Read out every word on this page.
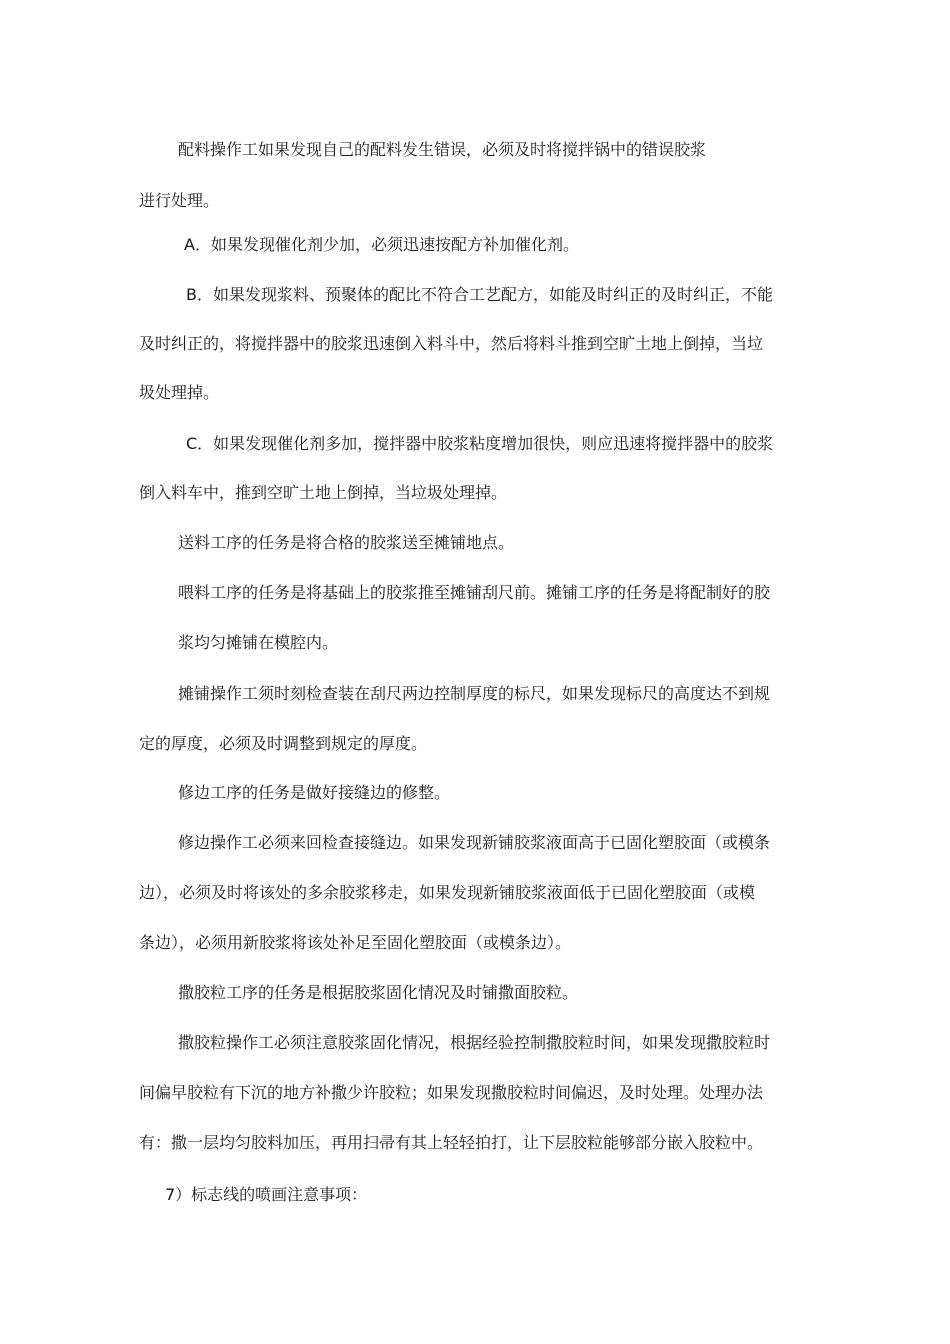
配料操作工如果发现自己的配料发生错误，必须及时将搅拌锅中的错误胶浆
进行处理。
A．如果发现催化剂少加，必须迅速按配方补加催化剂。
B．如果发现浆料、预聚体的配比不符合工艺配方，如能及时纠正的及时纠正，不能
及时纠正的，将搅拌器中的胶浆迅速倒入料斗中，然后将料斗推到空旷土地上倒掉，当垃
圾处理掉。
C．如果发现催化剂多加，搅拌器中胶浆粘度增加很快，则应迅速将搅拌器中的胶浆
倒入料车中，推到空旷土地上倒掉，当垃圾处理掉。
送料工序的任务是将合格的胶浆送至摊铺地点。
喂料工序的任务是将基础上的胶浆推至摊铺刮尺前。摊铺工序的任务是将配制好的胶
浆均匀摊铺在模腔内。
摊铺操作工须时刻检查装在刮尺两边控制厚度的标尺，如果发现标尺的高度达不到规
定的厚度，必须及时调整到规定的厚度。
修边工序的任务是做好接缝边的修整。
修边操作工必须来回检查接缝边。如果发现新铺胶浆液面高于已固化塑胶面（或模条
边），必须及时将该处的多余胶浆移走，如果发现新铺胶浆液面低于已固化塑胶面（或模
条边），必须用新胶浆将该处补足至固化塑胶面（或模条边）。
撒胶粒工序的任务是根据胶浆固化情况及时铺撒面胶粒。
撒胶粒操作工必须注意胶浆固化情况，根据经验控制撒胶粒时间，如果发现撒胶粒时
间偏早胶粒有下沉的地方补撒少许胶粒；如果发现撒胶粒时间偏迟，及时处理。处理办法
有：撒一层均匀胶料加压，再用扫帚有其上轻轻拍打，让下层胶粒能够部分嵌入胶粒中。
7）标志线的喷画注意事项：
